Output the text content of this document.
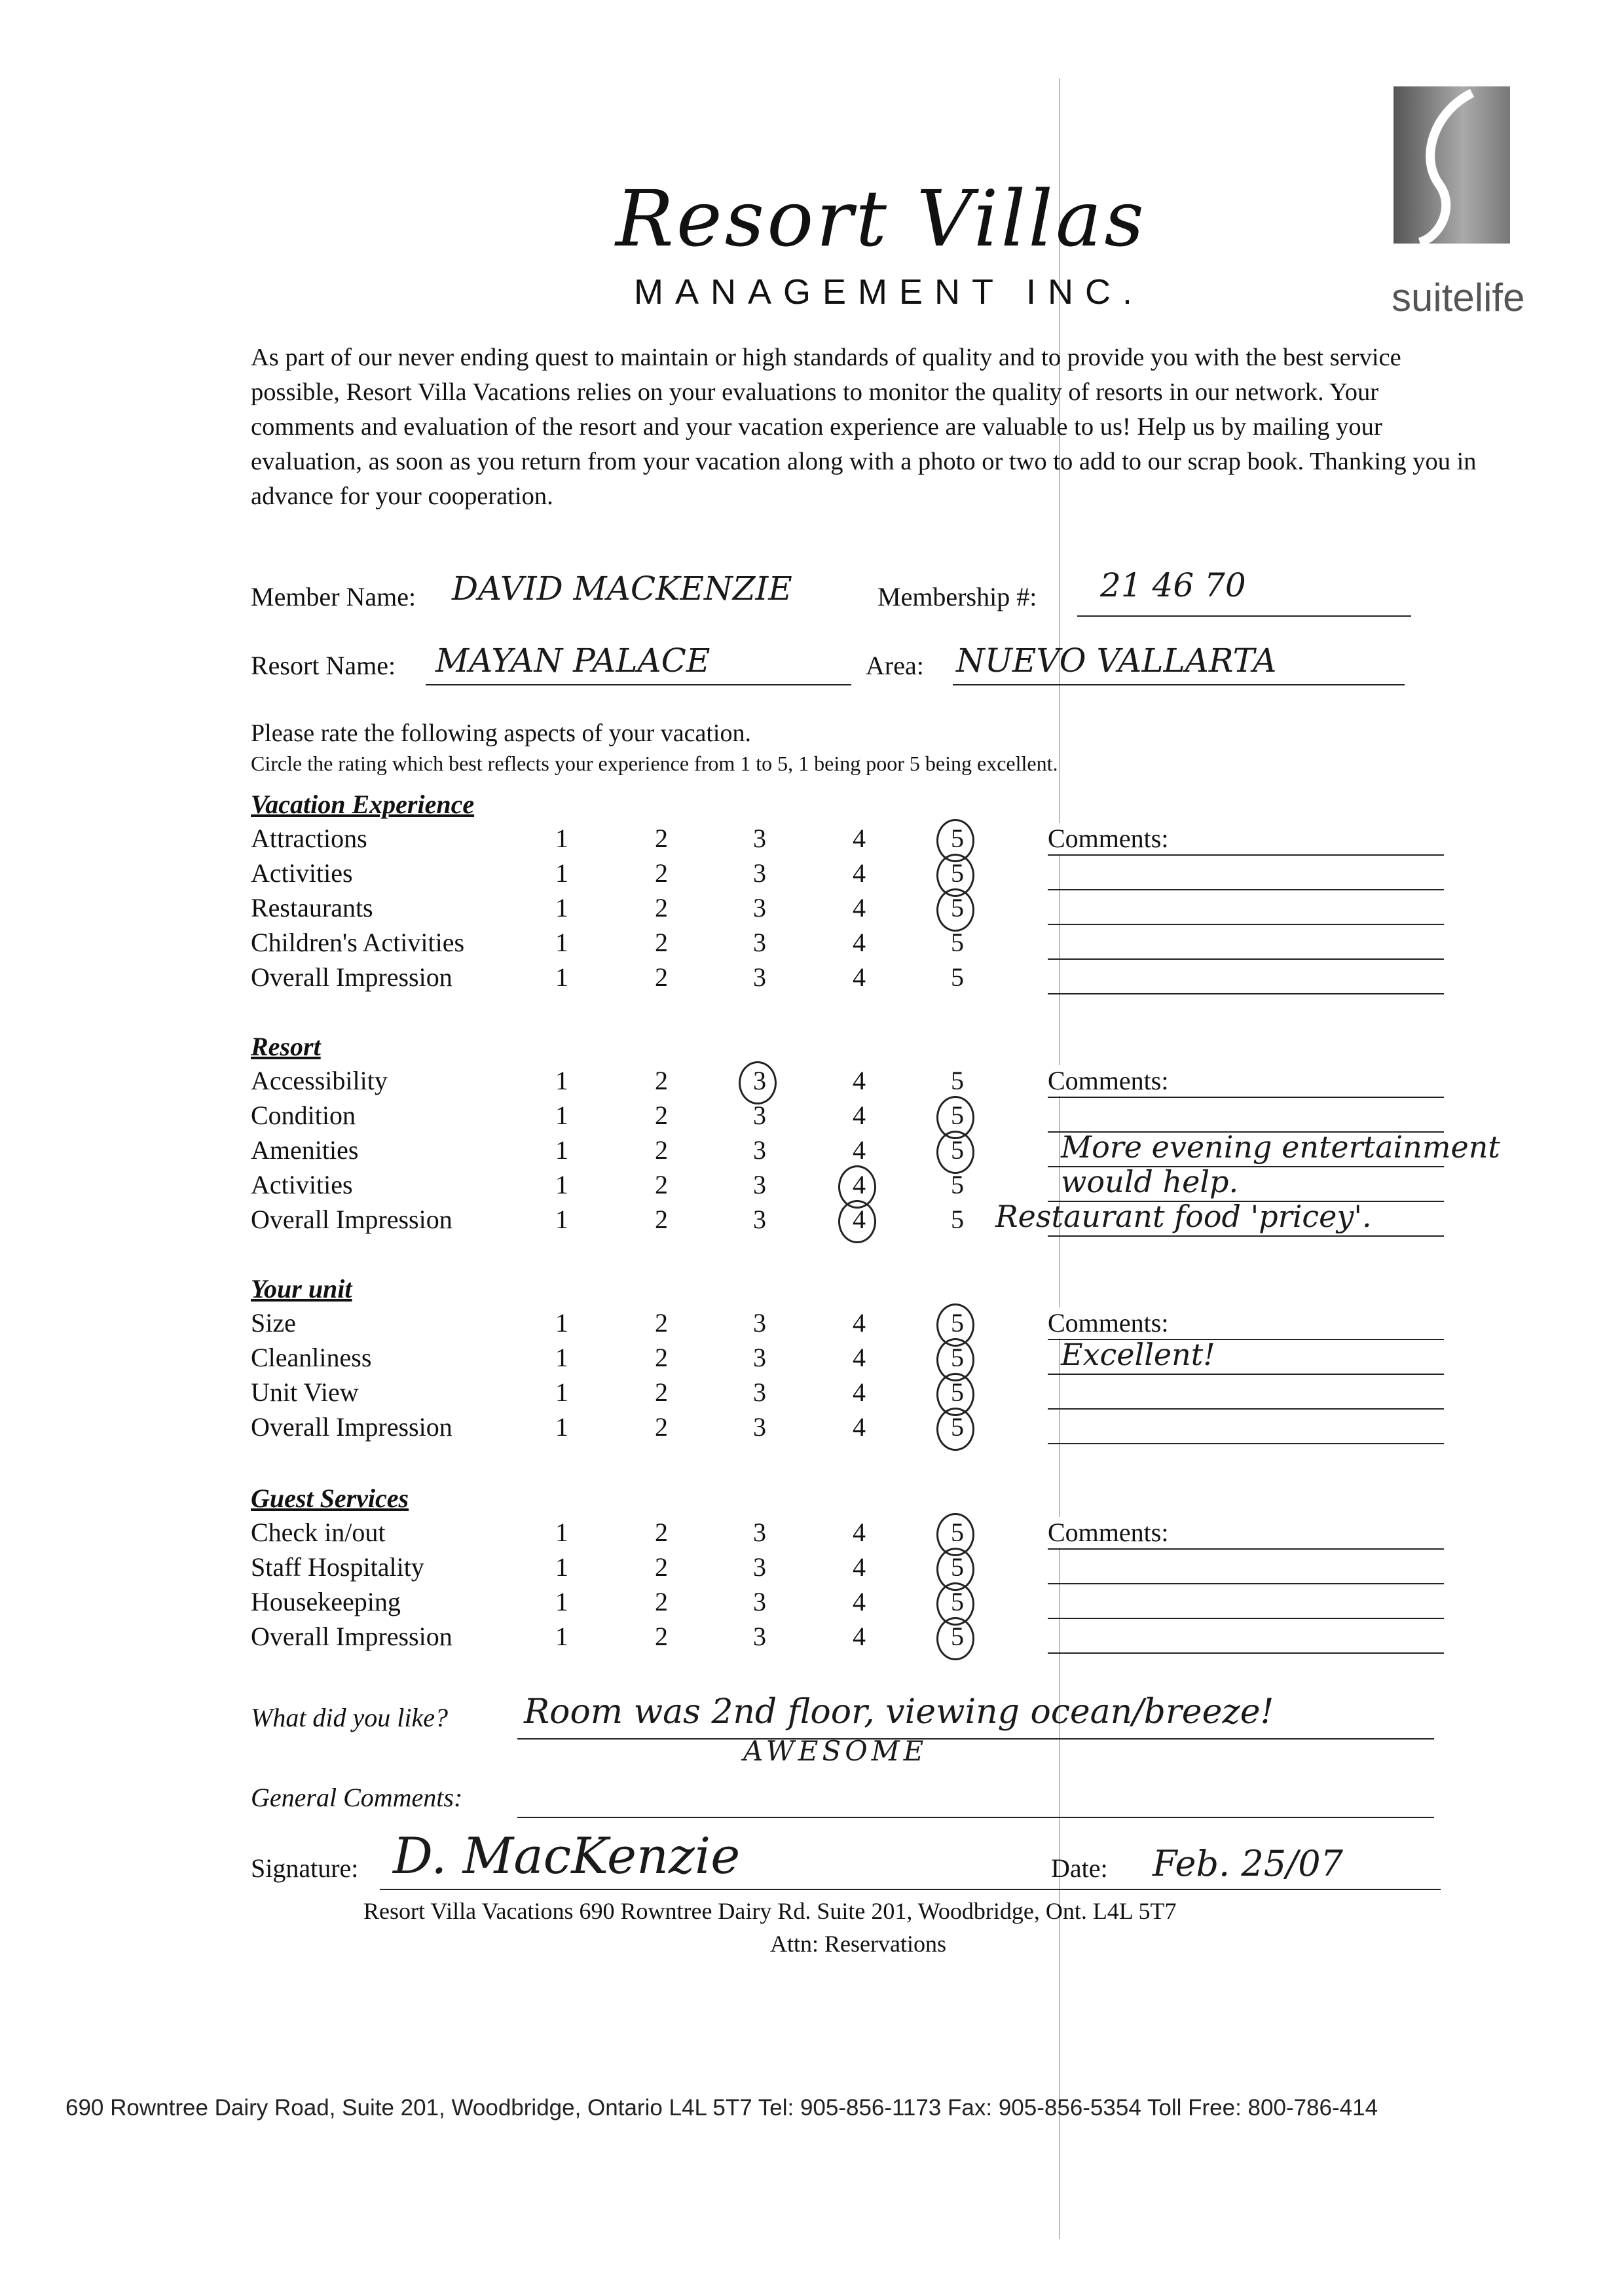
Resort Villas
MANAGEMENT INC.	suitelife
As part of our never ending quest to maintain or high standards of quality and to provide you with the best service possible, Resort Villa Vacations relies on your evaluations to monitor the quality of resorts in our network. Your comments and evaluation of the resort and your vacation experience are valuable to us! Help us by mailing your evaluation, as soon as you return from your vacation along with a photo or two to add to our scrap book. Thanking you in advance for your cooperation.
Member Name: DAVID MACKENZIE	Membership #: 21 46 70
Resort Name: MAYAN PALACE	Area: NUEVO VALLARTA
Please rate the following aspects of your vacation.
Circle the rating which best reflects your experience from 1 to 5, 1 being poor 5 being excellent.
Vacation Experience
Attractions	1	2	3	4	5
Activities	1	2	3	4	5
Restaurants	1	2	3	4	5
Children's Activities	1	2	3	4	5
Overall Impression	1	2	3	4	5
Comments:
Resort
Accessibility	1	2	3	4	5
Condition	1	2	3	4	5
Amenities	1	2	3	4	5
Activities	1	2	3	4	5
Overall Impression	1	2	3	4	5
Comments:
More evening entertainment
would help.
Restaurant food 'pricey'.
Your unit
Size	1	2	3	4	5
Cleanliness	1	2	3	4	5
Unit View	1	2	3	4	5
Overall Impression	1	2	3	4	5
Comments:
Excellent!
Guest Services
Check in/out	1	2	3	4	5
Staff Hospitality	1	2	3	4	5
Housekeeping	1	2	3	4	5
Overall Impression	1	2	3	4	5
Comments:
What did you like? Room was 2nd floor, viewing ocean/breeze!
AWESOME
General Comments:
Signature: D. MacKenzie	Date: Feb. 25/07
Resort Villa Vacations 690 Rowntree Dairy Rd. Suite 201, Woodbridge, Ont. L4L 5T7
Attn: Reservations
690 Rowntree Dairy Road, Suite 201, Woodbridge, Ontario L4L 5T7 Tel: 905-856-1173 Fax: 905-856-5354 Toll Free: 800-786-414
